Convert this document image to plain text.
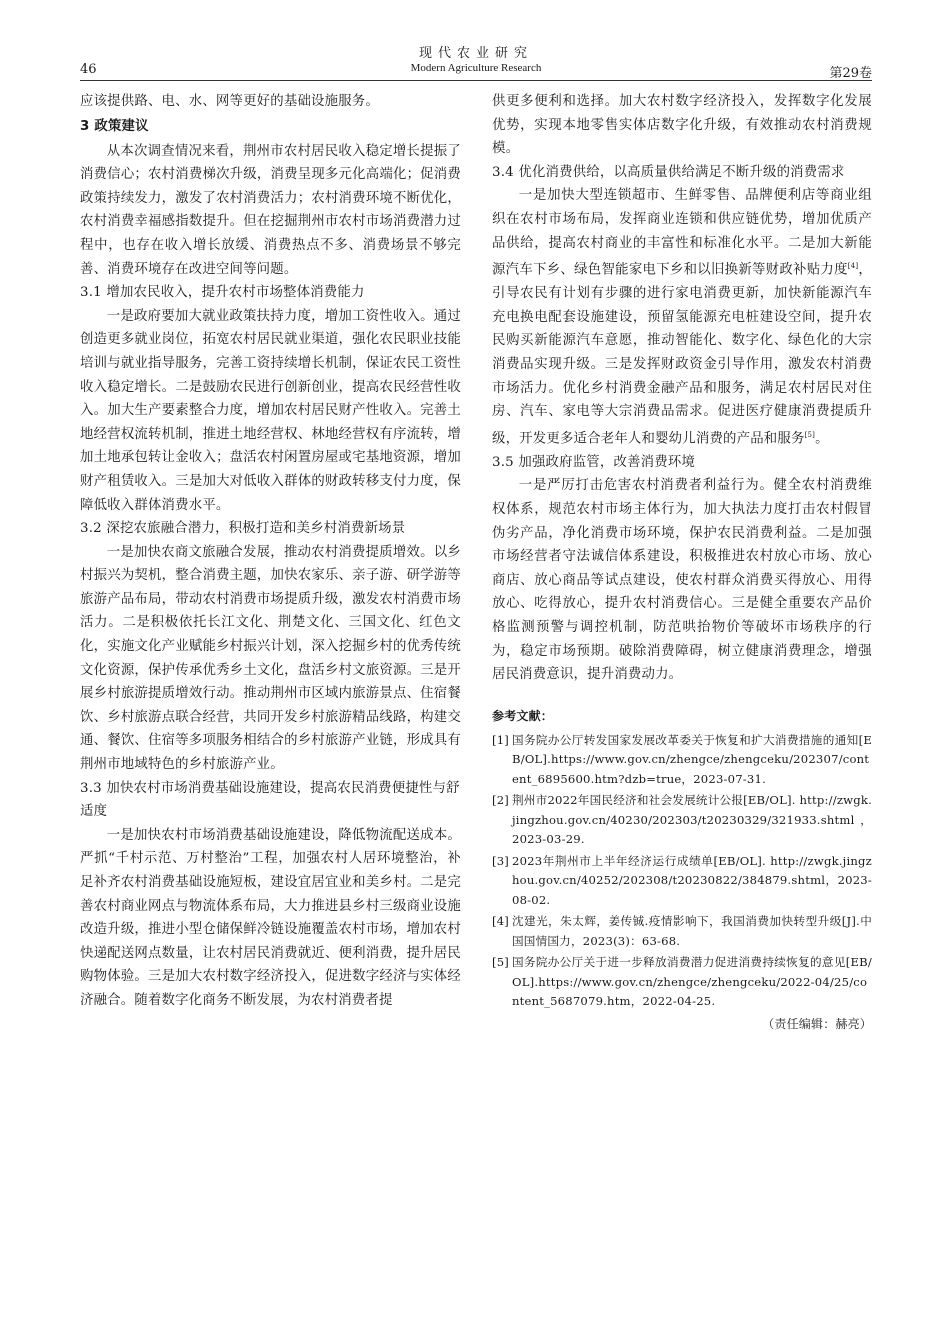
46
现代农业研究
Modern Agriculture Research	第29卷

应该提供路、电、水、网等更好的基础设施服务。

3 政策建议

从本次调查情况来看，荆州市农村居民收入稳定增长提振了消费信心；农村消费梯次升级，消费呈现多元化高端化；促消费政策持续发力，激发了农村消费活力；农村消费环境不断优化，农村消费幸福感指数提升。但在挖掘荆州市农村市场消费潜力过程中，也存在收入增长放缓、消费热点不多、消费场景不够完善、消费环境存在改进空间等问题。

3.1 增加农民收入，提升农村市场整体消费能力

一是政府要加大就业政策扶持力度，增加工资性收入。通过创造更多就业岗位，拓宽农村居民就业渠道，强化农民职业技能培训与就业指导服务，完善工资持续增长机制，保证农民工资性收入稳定增长。二是鼓励农民进行创新创业，提高农民经营性收入。加大生产要素整合力度，增加农村居民财产性收入。完善土地经营权流转机制，推进土地经营权、林地经营权有序流转，增加土地承包转让金收入；盘活农村闲置房屋或宅基地资源，增加财产租赁收入。三是加大对低收入群体的财政转移支付力度，保障低收入群体消费水平。

3.2 深挖农旅融合潜力，积极打造和美乡村消费新场景

一是加快农商文旅融合发展，推动农村消费提质增效。以乡村振兴为契机，整合消费主题，加快农家乐、亲子游、研学游等旅游产品布局，带动农村消费市场提质升级，激发农村消费市场活力。二是积极依托长江文化、荆楚文化、三国文化、红色文化，实施文化产业赋能乡村振兴计划，深入挖掘乡村的优秀传统文化资源，保护传承优秀乡土文化，盘活乡村文旅资源。三是开展乡村旅游提质增效行动。推动荆州市区域内旅游景点、住宿餐饮、乡村旅游点联合经营，共同开发乡村旅游精品线路，构建交通、餐饮、住宿等多项服务相结合的乡村旅游产业链，形成具有荆州市地域特色的乡村旅游产业。

3.3 加快农村市场消费基础设施建设，提高农民消费便捷性与舒适度

一是加快农村市场消费基础设施建设，降低物流配送成本。严抓“千村示范、万村整治”工程，加强农村人居环境整治，补足补齐农村消费基础设施短板，建设宜居宜业和美乡村。二是完善农村商业网点与物流体系布局，大力推进县乡村三级商业设施改造升级，推进小型仓储保鲜冷链设施覆盖农村市场，增加农村快递配送网点数量，让农村居民消费就近、便利消费，提升居民购物体验。三是加大农村数字经济投入，促进数字经济与实体经济融合。随着数字化商务不断发展，为农村消费者提

供更多便利和选择。加大农村数字经济投入，发挥数字化发展优势，实现本地零售实体店数字化升级，有效推动农村消费规模。

3.4 优化消费供给，以高质量供给满足不断升级的消费需求

一是加快大型连锁超市、生鲜零售、品牌便利店等商业组织在农村市场布局，发挥商业连锁和供应链优势，增加优质产品供给，提高农村商业的丰富性和标准化水平。二是加大新能源汽车下乡、绿色智能家电下乡和以旧换新等财政补贴力度[4]，引导农民有计划有步骤的进行家电消费更新，加快新能源汽车充电换电配套设施建设，预留氢能源充电桩建设空间，提升农民购买新能源汽车意愿，推动智能化、数字化、绿色化的大宗消费品实现升级。三是发挥财政资金引导作用，激发农村消费市场活力。优化乡村消费金融产品和服务，满足农村居民对住房、汽车、家电等大宗消费品需求。促进医疗健康消费提质升级，开发更多适合老年人和婴幼儿消费的产品和服务[5]。

3.5 加强政府监管，改善消费环境

一是严厉打击危害农村消费者利益行为。健全农村消费维权体系，规范农村市场主体行为，加大执法力度打击农村假冒伪劣产品，净化消费市场环境，保护农民消费利益。二是加强市场经营者守法诚信体系建设，积极推进农村放心市场、放心商店、放心商品等试点建设，使农村群众消费买得放心、用得放心、吃得放心，提升农村消费信心。三是健全重要农产品价格监测预警与调控机制，防范哄抬物价等破坏市场秩序的行为，稳定市场预期。破除消费障碍，树立健康消费理念，增强居民消费意识，提升消费动力。

参考文献：
[1] 国务院办公厅转发国家发展改革委关于恢复和扩大消费措施的通知[EB/OL].https://www.gov.cn/zhengce/zhengceku/202307/content_6895600.htm?dzb=true，2023-07-31.
[2] 荆州市2022年国民经济和社会发展统计公报[EB/OL]. http://zwgk.jingzhou.gov.cn/40230/202303/t20230329/321933.shtml，2023-03-29.
[3] 2023年荆州市上半年经济运行成绩单[EB/OL]. http://zwgk.jingzhou.gov.cn/40252/202308/t20230822/384879.shtml，2023-08-02.
[4] 沈建光，朱太辉，姜传铖.疫情影响下，我国消费加快转型升级[J].中国国情国力，2023(3)：63-68.
[5] 国务院办公厅关于进一步释放消费潜力促进消费持续恢复的意见[EB/OL].https://www.gov.cn/zhengce/zhengceku/2022-04/25/content_5687079.htm，2022-04-25.
（责任编辑：赫亮）
